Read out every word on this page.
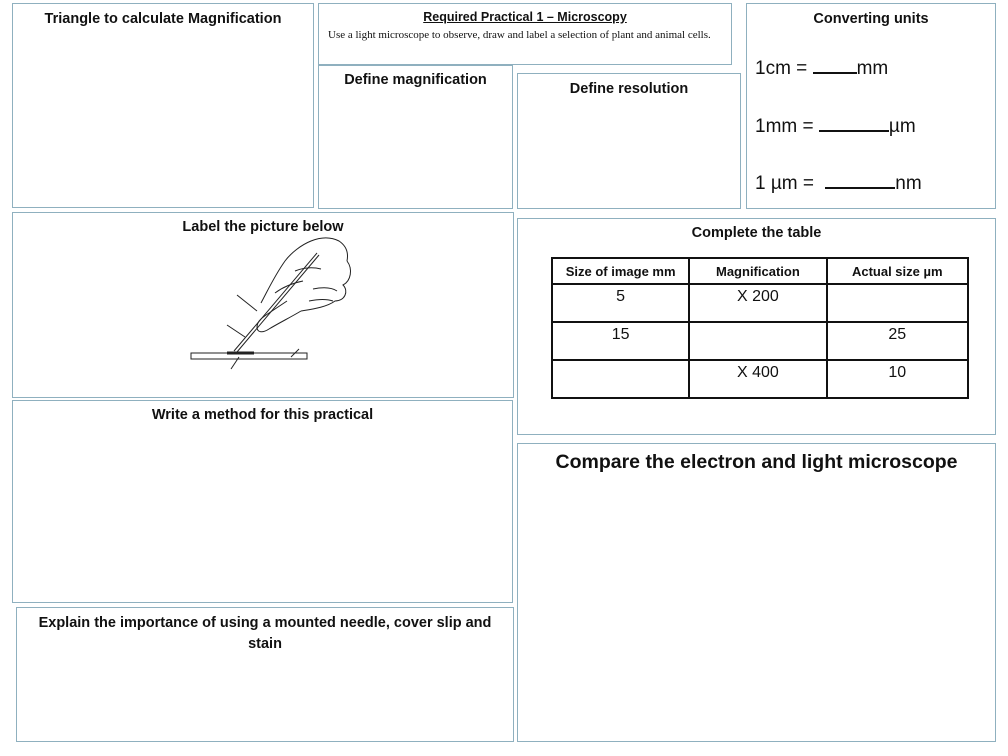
Triangle to calculate Magnification	Required Practical 1 – Microscopy
Use a light microscope to observe, draw and label a selection of plant and animal cells.
Define magnification
Define resolution
Converting units
1cm = mm
1mm =	µm
1 µm =	nm
Label the picture below	Complete the table
Size of image mm	Magnification	Actual size µm
5	X 200	
15		25
	X 400	10
Write a method for this practical
Compare the electron and light microscope
Explain the importance of using a mounted needle, cover slip and stain
